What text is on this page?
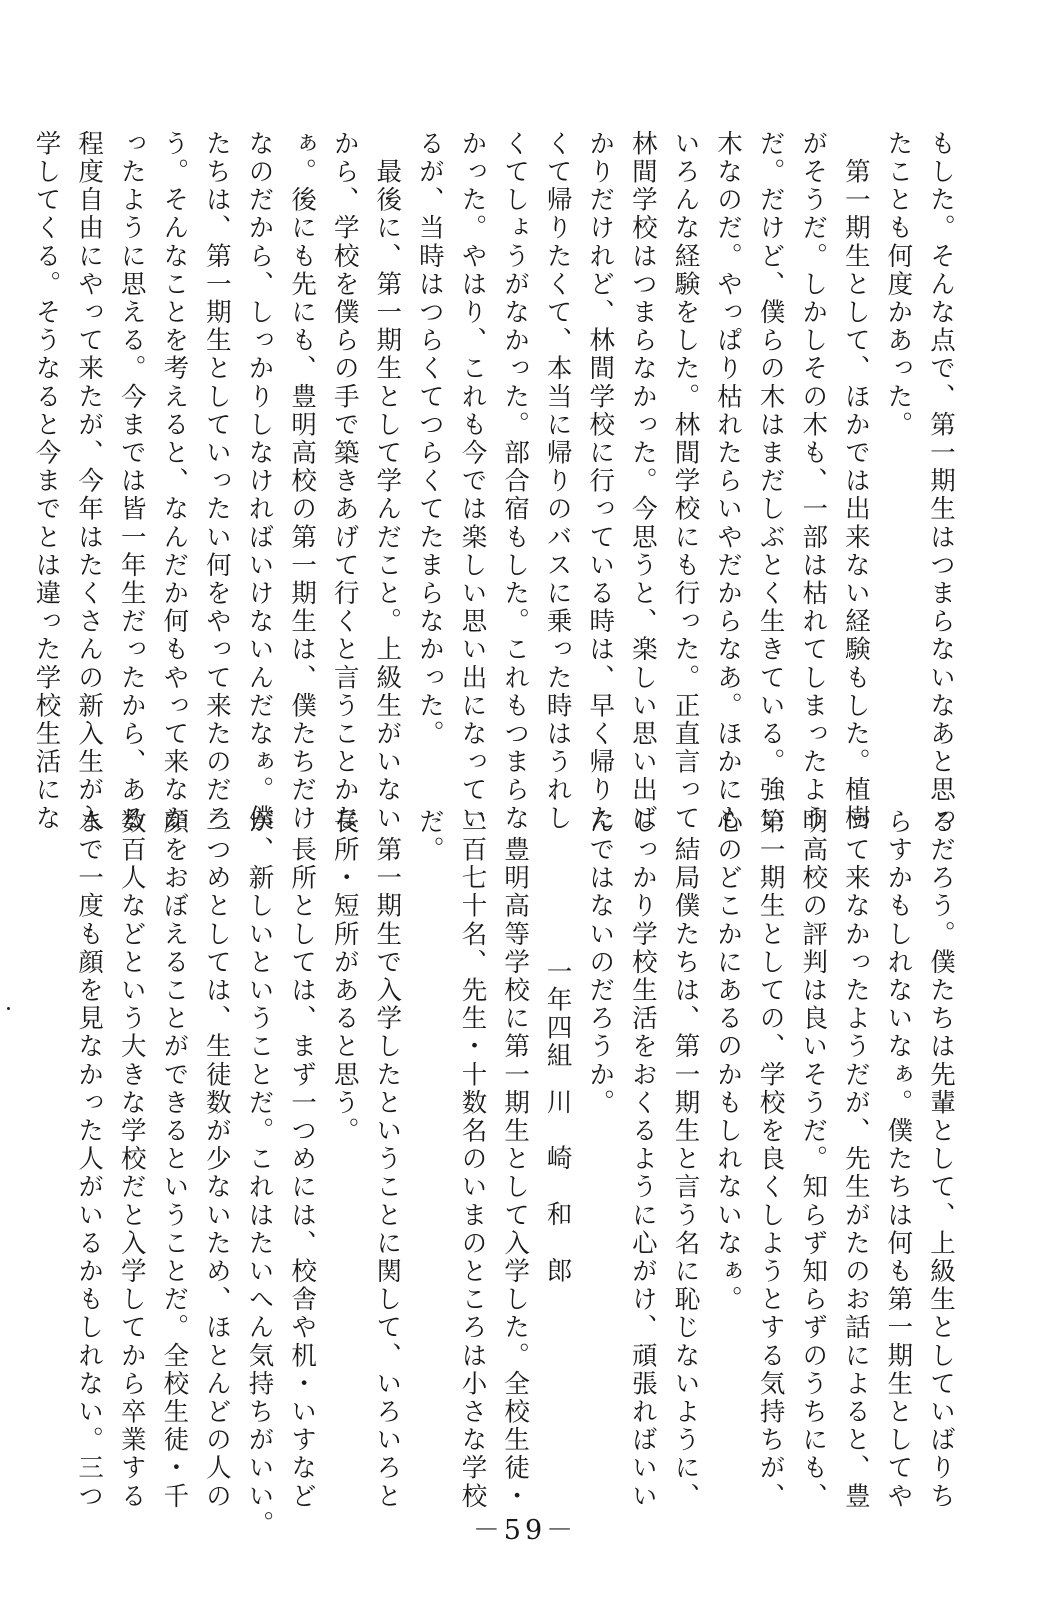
もした。そんな点で、第一期生はつまらないなあと思っ
たことも何度かあった。
　第一期生として、ほかでは出来ない経験もした。植樹
がそうだ。しかしその木も、一部は枯れてしまったよう
だ。だけど、僕らの木はまだしぶとく生きている。強い
木なのだ。やっぱり枯れたらいやだからなあ。ほかにも
いろんな経験をした。林間学校にも行った。正直言って
林間学校はつまらなかった。今思うと、楽しい思い出ば
かりだけれど、林間学校に行っている時は、早く帰りた
くて帰りたくて、本当に帰りのバスに乗った時はうれし
くてしょうがなかった。部合宿もした。これもつまらな
かった。やはり、これも今では楽しい思い出になってい
るが、当時はつらくてつらくてたまらなかった。
　最後に、第一期生として学んだこと。上級生がいない
から、学校を僕らの手で築きあげて行くと言うことかな
ぁ。後にも先にも、豊明高校の第一期生は、僕たちだけ
なのだから、しっかりしなければいけないんだなぁ。僕
たちは、第一期生としていったい何をやって来たのだろ
う。そんなことを考えると、なんだか何もやって来なか
ったように思える。今までは皆一年生だったから、ある
程度自由にやって来たが、今年はたくさんの新入生が入
学してくる。そうなると今までとは違った学校生活にな
るだろう。僕たちは先輩として、上級生としていばりち
らすかもしれないなぁ。僕たちは何も第一期生としてや
って来なかったようだが、先生がたのお話によると、豊
明高校の評判は良いそうだ。知らず知らずのうちにも、
第一期生としての、学校を良くしようとする気持ちが、
心のどこかにあるのかもしれないなぁ。
　結局僕たちは、第一期生と言う名に恥じないように、
しっかり学校生活をおくるように心がけ、頑張ればいい
んではないのだろうか。
一年四組川　崎　和　郎
　豊明高等学校に第一期生として入学した。全校生徒・
二百七十名、先生・十数名のいまのところは小さな学校
だ。
　第一期生で入学したということに関して、いろいろと
長所・短所があると思う。
　長所としては、まず一つめには、校舎や机・いすなど
が、新しいということだ。これはたいへん気持ちがいい。
二つめとしては、生徒数が少ないため、ほとんどの人の
顔をおぼえることができるということだ。全校生徒・千
数百人などという大きな学校だと入学してから卒業する
まで一度も顔を見なかった人がいるかもしれない。三つ
－59－
